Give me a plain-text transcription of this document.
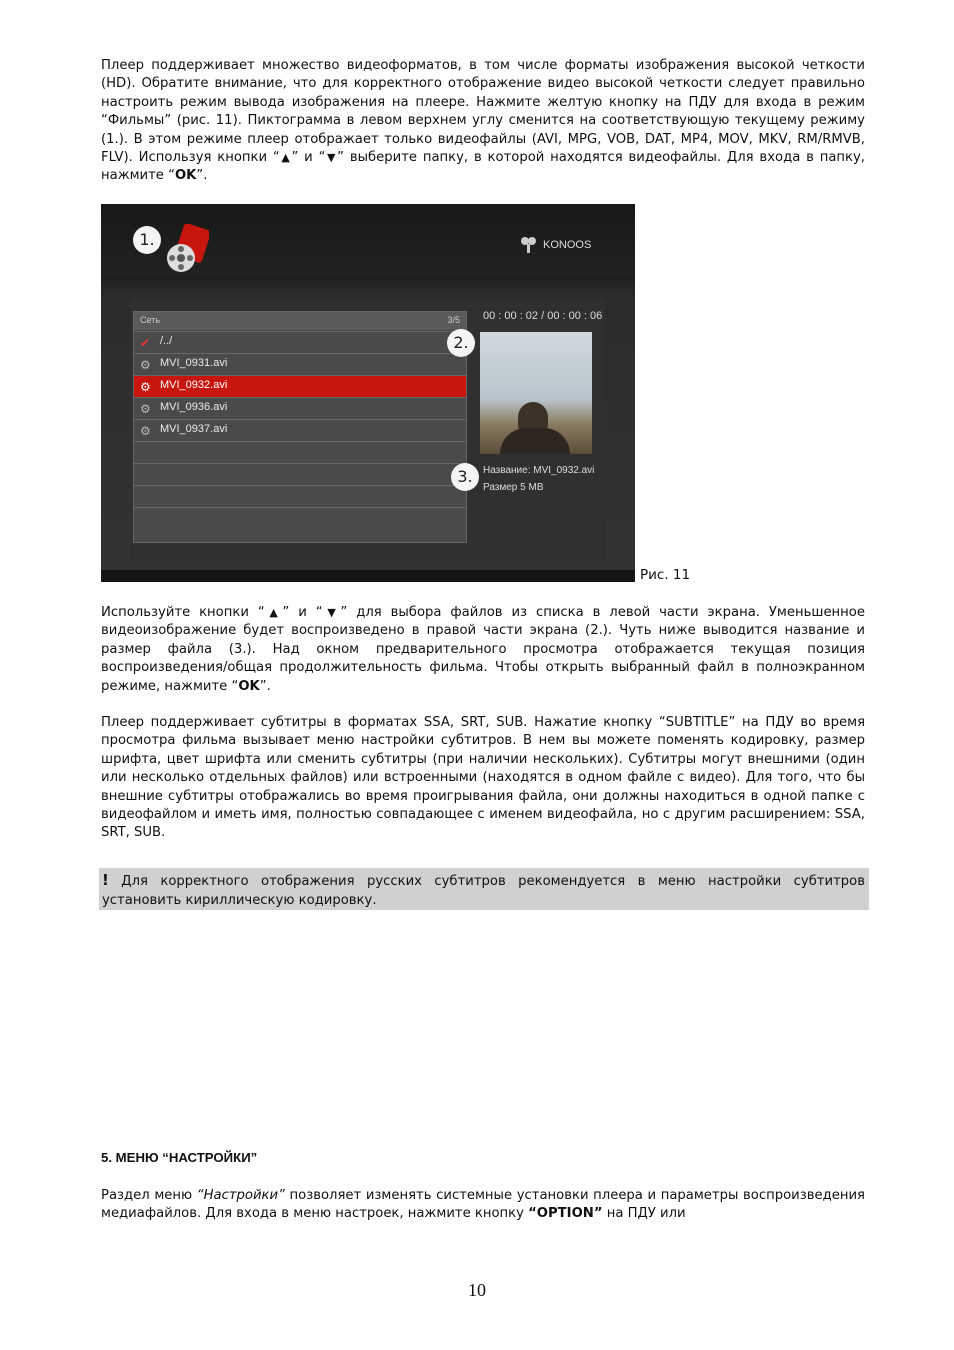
Плеер поддерживает множество видеоформатов, в том числе форматы изображения высокой четкости (HD). Обратите внимание, что для корректного отображение видео высокой четкости следует правильно настроить режим вывода изображения на плеере. Нажмите желтую кнопку на ПДУ для входа в режим “Фильмы” (рис. 11). Пиктограмма в левом верхнем углу сменится на соответствующую текущему режиму (1.). В этом режиме плеер отображает только видеофайлы (AVI, MPG, VOB, DAT, MP4, MOV, MKV, RM/RMVB, FLV). Используя кнопки “▲” и “▼” выберите папку, в которой находятся видеофайлы. Для входа в папку, нажмите “OK”.

1.	KONOOS
Сеть	3/5
✔ /../
⚙ MVI_0931.avi
⚙ MVI_0932.avi
⚙ MVI_0936.avi
⚙ MVI_0937.avi
00 : 00 : 02 / 00 : 00 : 06
2.
3.	Название: MVI_0932.avi
Размер 5 MB
Рис. 11

Используйте кнопки “▲” и “▼” для выбора файлов из списка в левой части экрана. Уменьшенное видеоизображение будет воспроизведено в правой части экрана (2.). Чуть ниже выводится название и размер файла (3.). Над окном предварительного просмотра отображается текущая позиция воспроизведения/общая продолжительность фильма. Чтобы открыть выбранный файл в полноэкранном режиме, нажмите “OK”.

Плеер поддерживает субтитры в форматах SSA, SRT, SUB. Нажатие кнопку “SUBTITLE” на ПДУ во время просмотра фильма вызывает меню настройки субтитров. В нем вы можете поменять кодировку, размер шрифта, цвет шрифта или сменить субтитры (при наличии нескольких). Субтитры могут внешними (один или несколько отдельных файлов) или встроенными (находятся в одном файле с видео). Для того, что бы внешние субтитры отображались во время проигрывания файла, они должны находиться в одной папке с видеофайлом и иметь имя, полностью совпадающее с именем видеофайла, но с другим расширением: SSA, SRT, SUB.

! Для корректного отображения русских субтитров рекомендуется в меню настройки субтитров установить кириллическую кодировку.

5. МЕНЮ “НАСТРОЙКИ”

Раздел меню “Настройки” позволяет изменять системные установки плеера и параметры воспроизведения медиафайлов. Для входа в меню настроек, нажмите кнопку “OPTION” на ПДУ или

10
